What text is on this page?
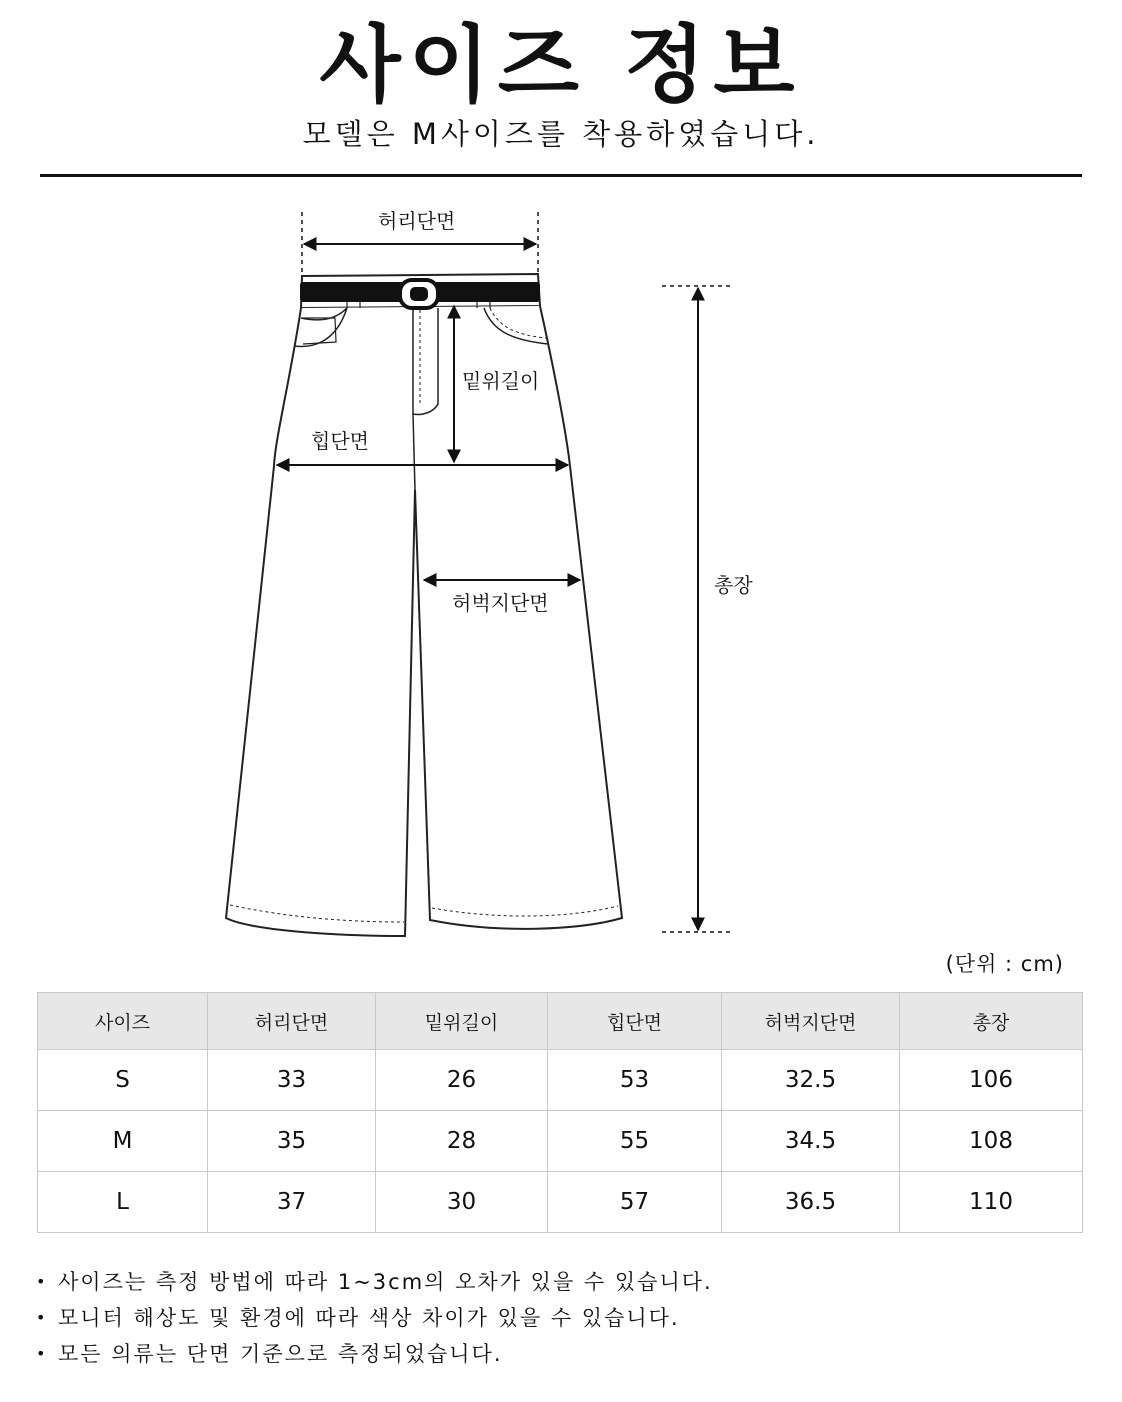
사이즈 정보
모델은 M사이즈를 착용하였습니다.
허리단면
밑위길이
힙단면
허벅지단면
총장
(단위 : cm)
사이즈	허리단면	밑위길이	힙단면	허벅지단면	총장
S	33	26	53	32.5	106
M	35	28	55	34.5	108
L	37	30	57	36.5	110
• 사이즈는 측정 방법에 따라 1~3cm의 오차가 있을 수 있습니다.
• 모니터 해상도 및 환경에 따라 색상 차이가 있을 수 있습니다.
• 모든 의류는 단면 기준으로 측정되었습니다.
